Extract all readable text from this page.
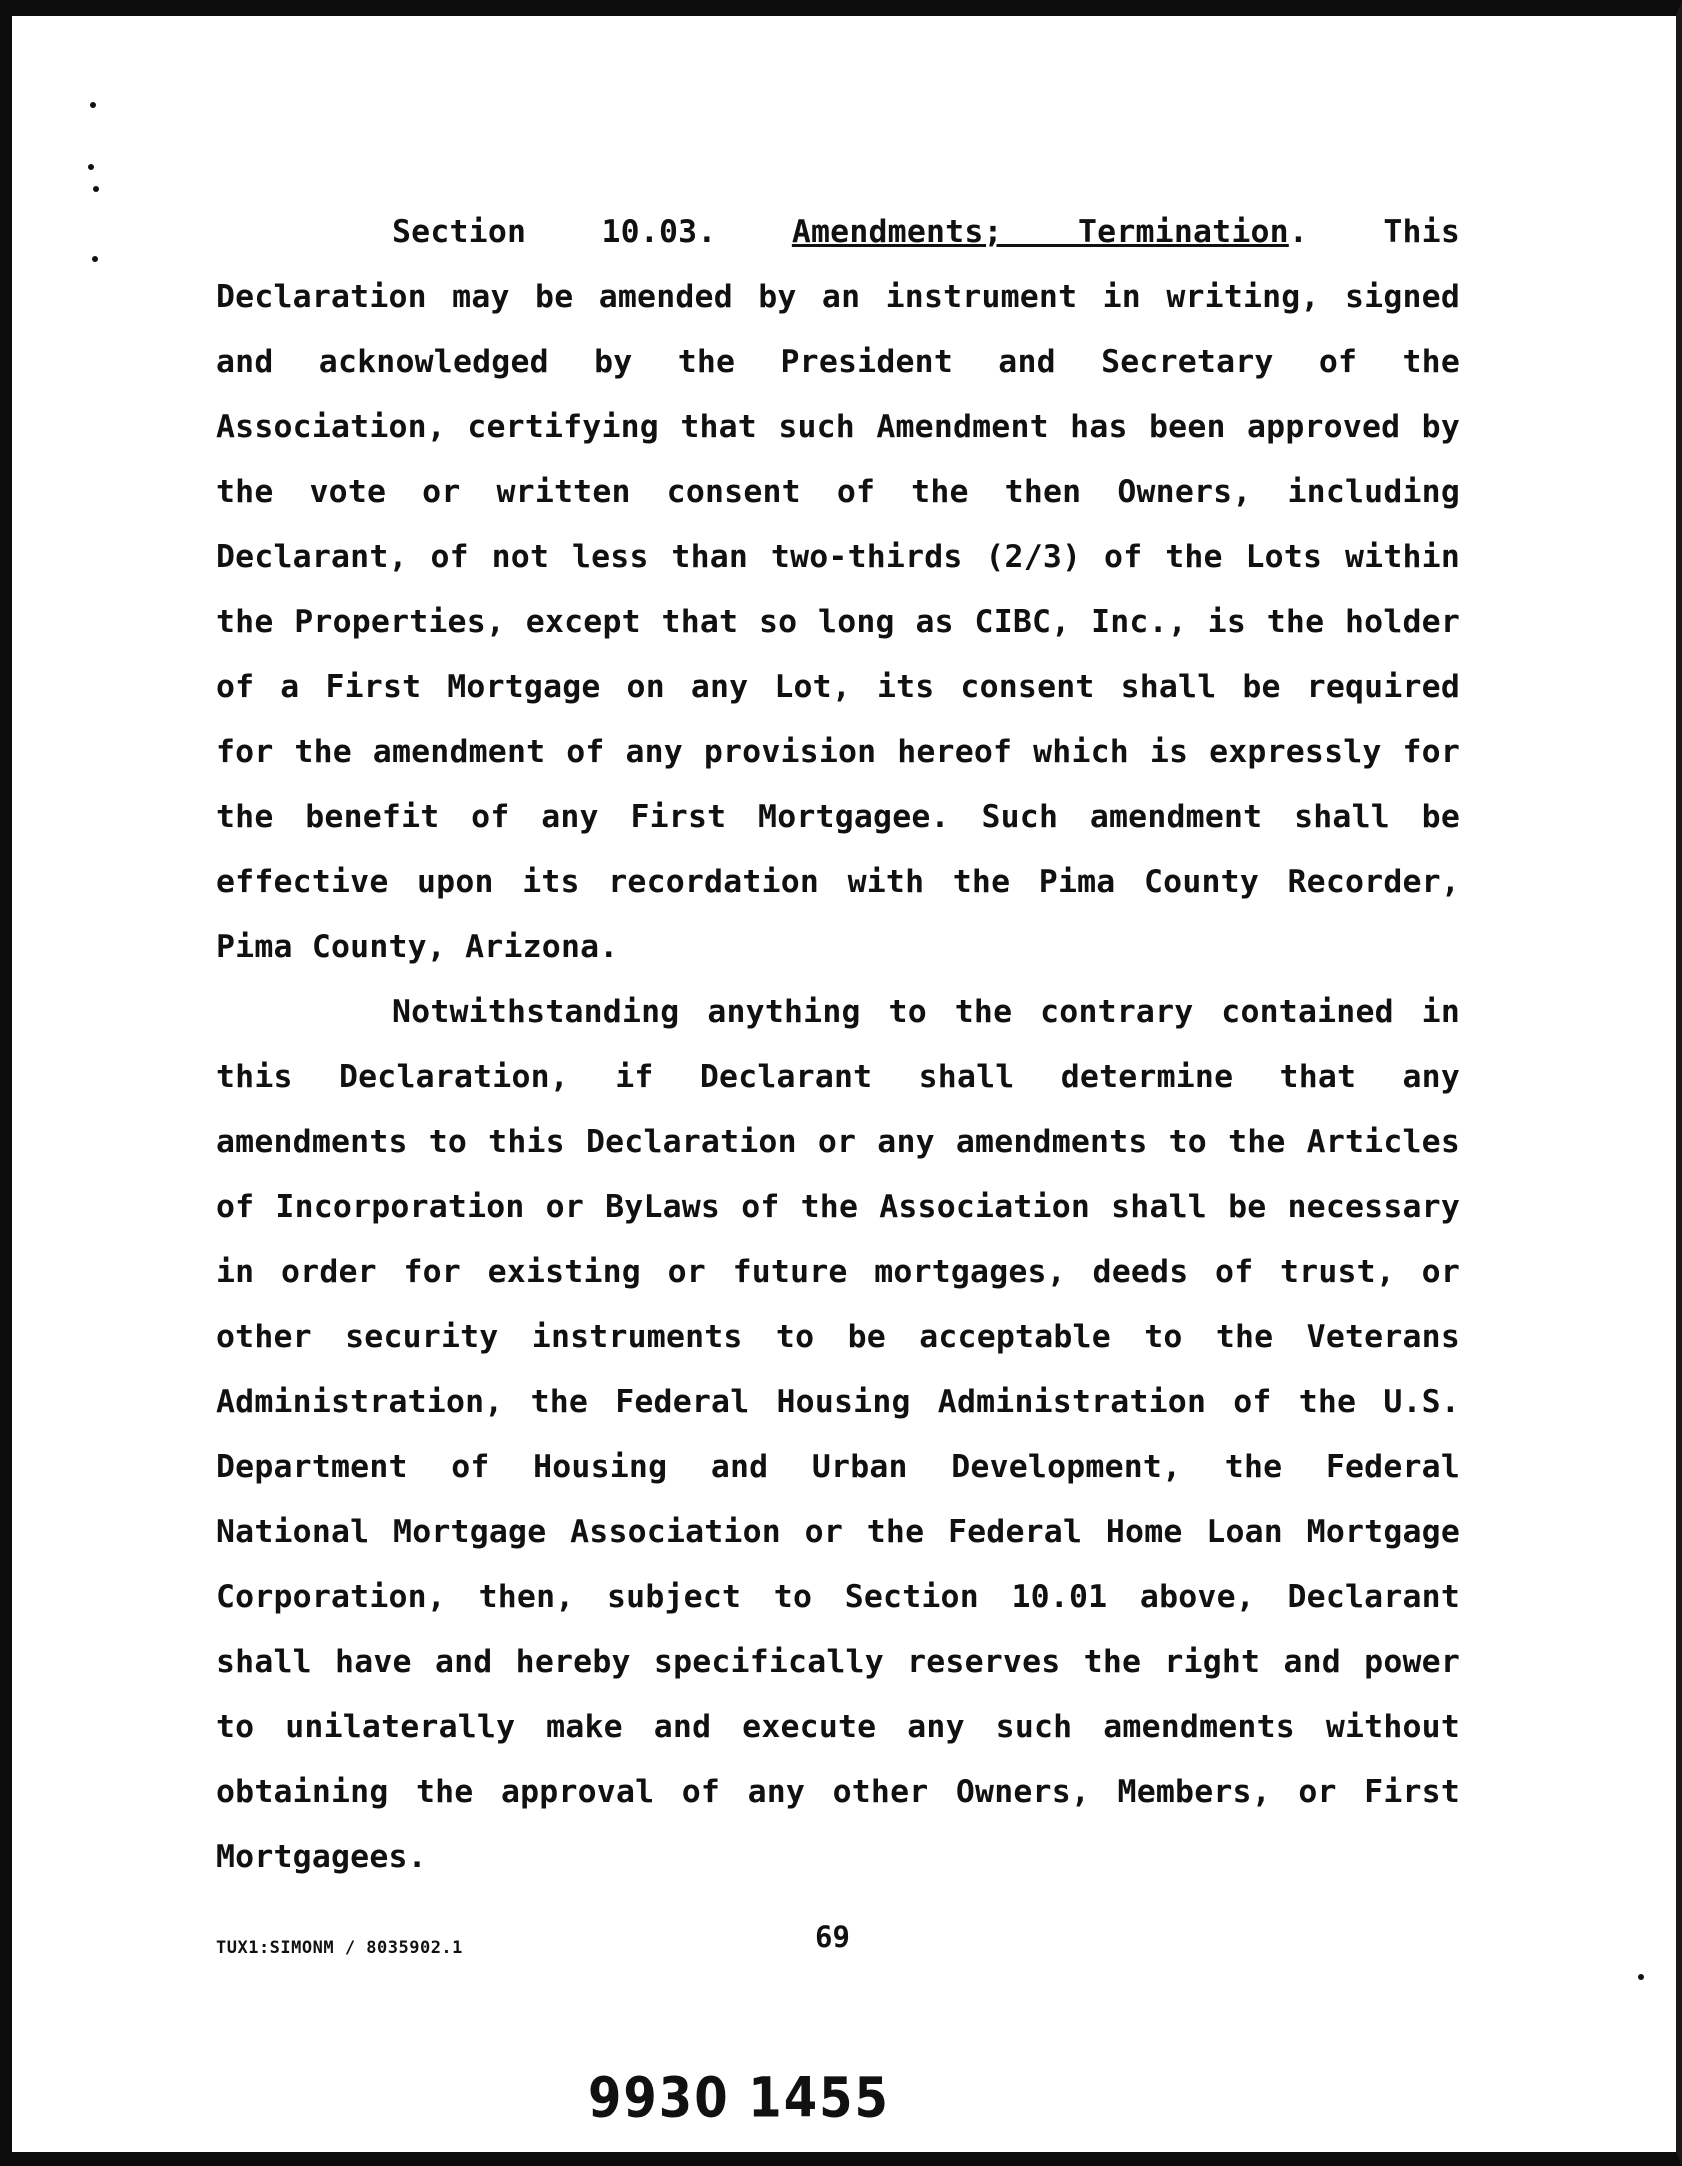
Section 10.03. Amendments; Termination. This Declaration may be amended by an instrument in writing, signed and acknowledged by the President and Secretary of the Association, certifying that such Amendment has been approved by the vote or written consent of the then Owners, including Declarant, of not less than two-thirds (2/3) of the Lots within the Properties, except that so long as CIBC, Inc., is the holder of a First Mortgage on any Lot, its consent shall be required for the amendment of any provision hereof which is expressly for the benefit of any First Mortgagee. Such amendment shall be effective upon its recordation with the Pima County Recorder, Pima County, Arizona.

Notwithstanding anything to the contrary contained in this Declaration, if Declarant shall determine that any amendments to this Declaration or any amendments to the Articles of Incorporation or ByLaws of the Association shall be necessary in order for existing or future mortgages, deeds of trust, or other security instruments to be acceptable to the Veterans Administration, the Federal Housing Administration of the U.S. Department of Housing and Urban Development, the Federal National Mortgage Association or the Federal Home Loan Mortgage Corporation, then, subject to Section 10.01 above, Declarant shall have and hereby specifically reserves the right and power to unilaterally make and execute any such amendments without obtaining the approval of any other Owners, Members, or First Mortgagees.

TUX1:SIMONM / 8035902.1	69
9930 1455
